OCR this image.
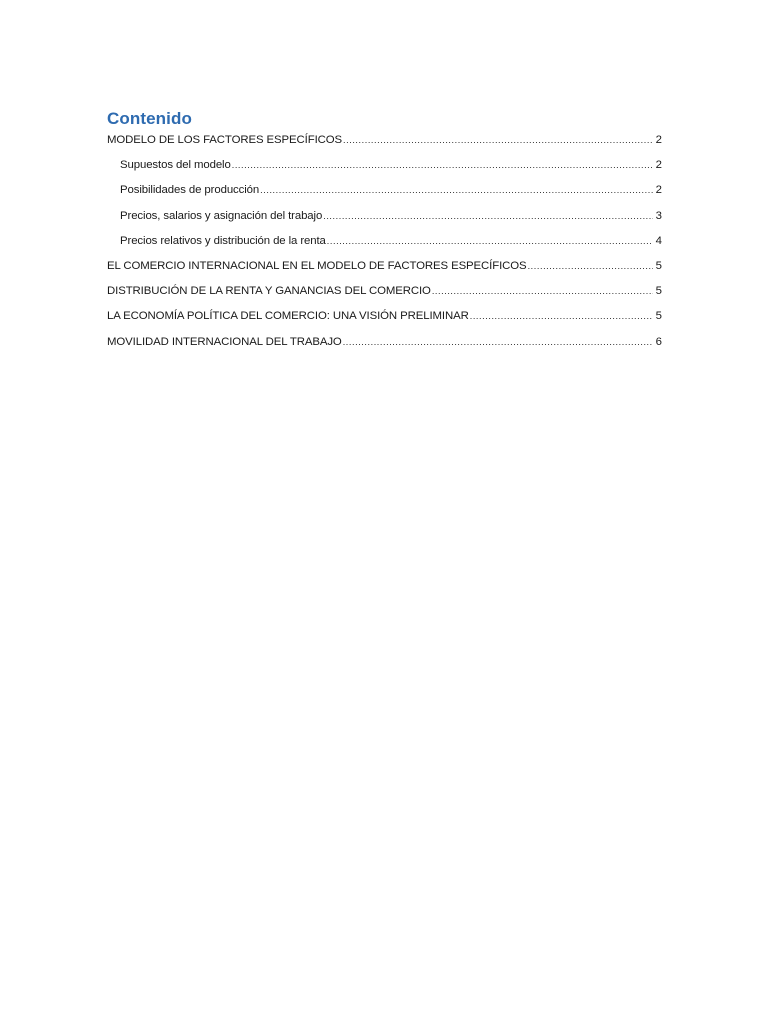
Contenido
MODELO DE LOS FACTORES ESPECÍFICOS .....	2
Supuestos del modelo .....	2
Posibilidades de producción .....	2
Precios, salarios y asignación del trabajo .....	3
Precios relativos y distribución de la renta .....	4
EL COMERCIO INTERNACIONAL EN EL MODELO DE FACTORES ESPECÍFICOS .....	5
DISTRIBUCIÓN DE LA RENTA Y GANANCIAS DEL COMERCIO .....	5
LA ECONOMÍA POLÍTICA DEL COMERCIO: UNA VISIÓN PRELIMINAR .....	5
MOVILIDAD INTERNACIONAL DEL TRABAJO .....	6
